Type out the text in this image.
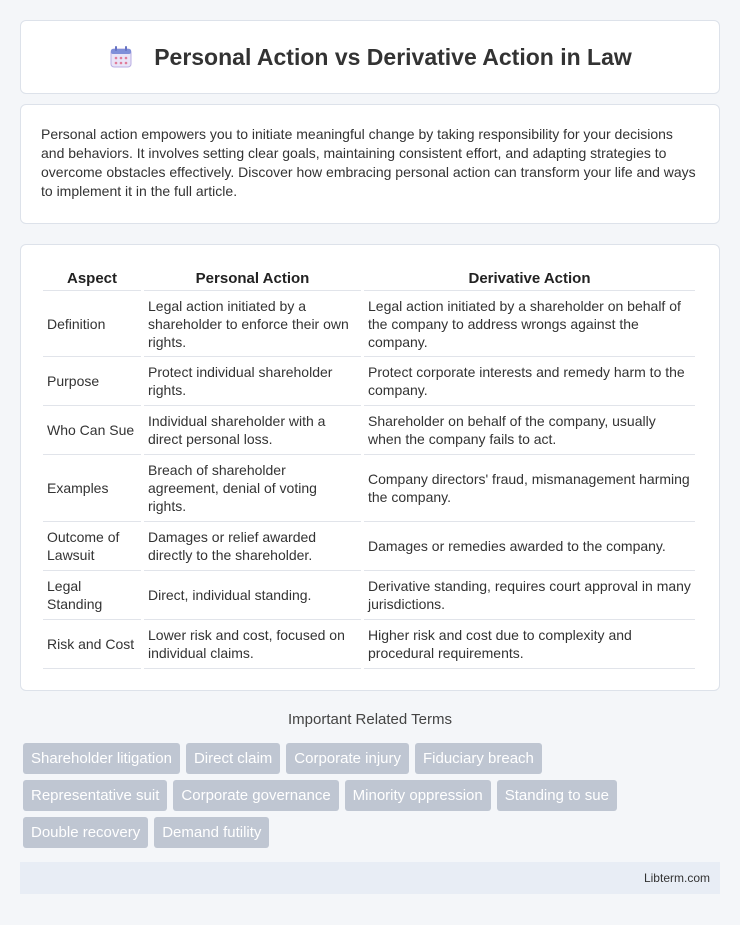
Personal Action vs Derivative Action in Law

Personal action empowers you to initiate meaningful change by taking responsibility for your decisions and behaviors. It involves setting clear goals, maintaining consistent effort, and adapting strategies to overcome obstacles effectively. Discover how embracing personal action can transform your life and ways to implement it in the full article.

Aspect	Personal Action	Derivative Action
Definition	Legal action initiated by a shareholder to enforce their own rights.	Legal action initiated by a shareholder on behalf of the company to address wrongs against the company.
Purpose	Protect individual shareholder rights.	Protect corporate interests and remedy harm to the company.
Who Can Sue	Individual shareholder with a direct personal loss.	Shareholder on behalf of the company, usually when the company fails to act.
Examples	Breach of shareholder agreement, denial of voting rights.	Company directors' fraud, mismanagement harming the company.
Outcome of Lawsuit	Damages or relief awarded directly to the shareholder.	Damages or remedies awarded to the company.
Legal Standing	Direct, individual standing.	Derivative standing, requires court approval in many jurisdictions.
Risk and Cost	Lower risk and cost, focused on individual claims.	Higher risk and cost due to complexity and procedural requirements.
Important Related Terms
Shareholder litigation Direct claim Corporate injury Fiduciary breach
Representative suit Corporate governance Minority oppression Standing to sue
Double recovery Demand futility
Libterm.com
